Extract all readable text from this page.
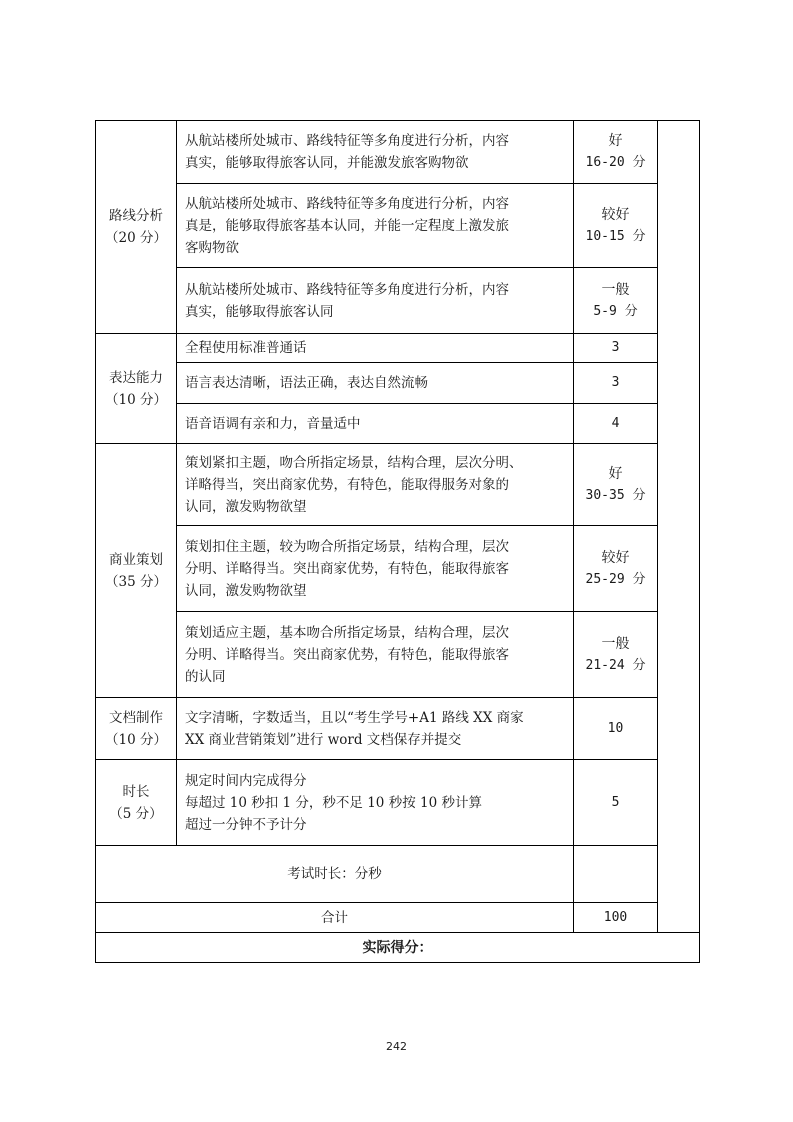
路线分析
（20 分）	从航站楼所处城市、路线特征等多角度进行分析，内容
真实，能够取得旅客认同，并能激发旅客购物欲	好
16-20 分	

	从航站楼所处城市、路线特征等多角度进行分析，内容
真是，能够取得旅客基本认同，并能一定程度上激发旅
客购物欲	较好
10-15 分	

	从航站楼所处城市、路线特征等多角度进行分析，内容
真实，能够取得旅客认同	一般
5-9 分	

表达能力
（10 分）	全程使用标准普通话	3	
	语言表达清晰，语法正确，表达自然流畅	3	
	语音语调有亲和力，音量适中	4	

商业策划
（35 分）	策划紧扣主题，吻合所指定场景，结构合理，层次分明、
详略得当，突出商家优势，有特色，能取得服务对象的
认同，激发购物欲望	好
30-35 分	

	策划扣住主题，较为吻合所指定场景，结构合理，层次
分明、详略得当。突出商家优势，有特色，能取得旅客
认同，激发购物欲望	较好
25-29 分	

	策划适应主题，基本吻合所指定场景，结构合理，层次
分明、详略得当。突出商家优势，有特色，能取得旅客
的认同	一般
21-24 分	

文档制作
（10 分）	文字清晰，字数适当，且以“考生学号+A1 路线 XX 商家
XX 商业营销策划”进行 word 文档保存并提交	10	

时长
（5 分）	规定时间内完成得分
每超过 10 秒扣 1 分，秒不足 10 秒按 10 秒计算
超过一分钟不予计分	5	
考试时长：分秒			
合计		100	
实际得分：			
242
